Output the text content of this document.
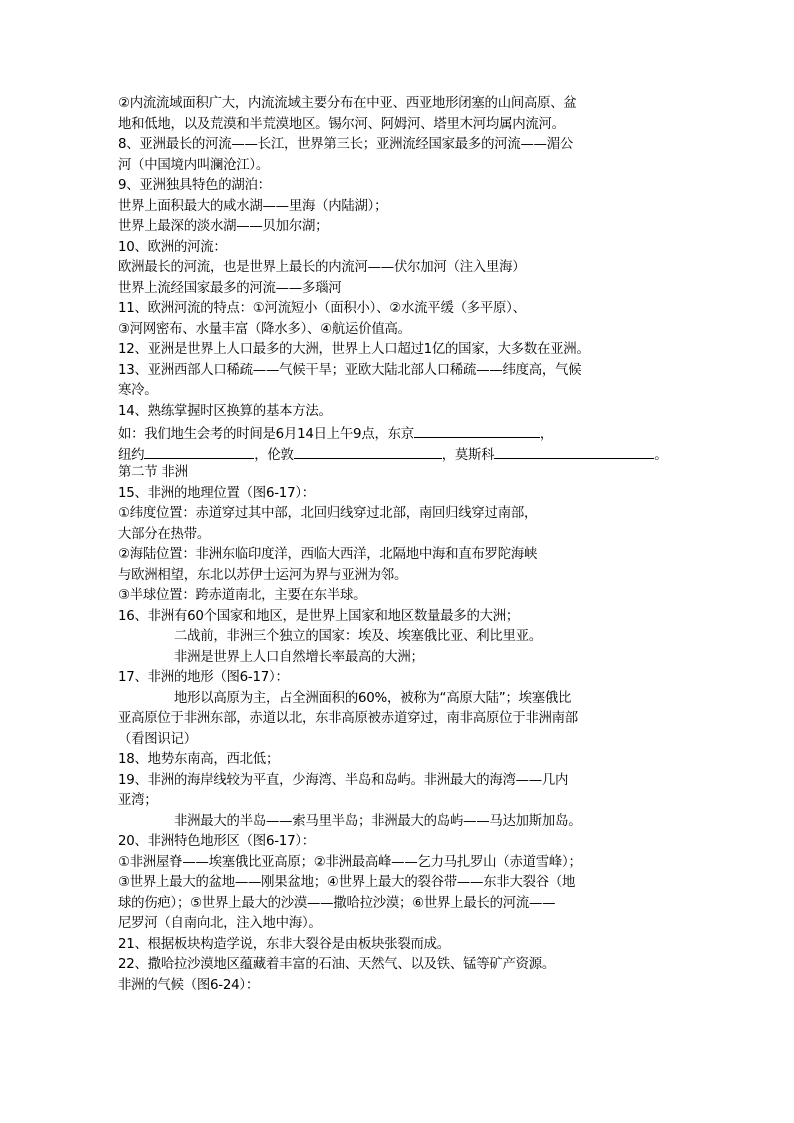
②内流流域面积广大，内流流域主要分布在中亚、西亚地形闭塞的山间高原、盆
地和低地，以及荒漠和半荒漠地区。锡尔河、阿姆河、塔里木河均属内流河。
8、亚洲最长的河流——长江，世界第三长；亚洲流经国家最多的河流——湄公
河（中国境内叫澜沧江）。
9、亚洲独具特色的湖泊：
世界上面积最大的咸水湖——里海（内陆湖）；
世界上最深的淡水湖——贝加尔湖；
10、欧洲的河流：
欧洲最长的河流，也是世界上最长的内流河——伏尔加河（注入里海）
世界上流经国家最多的河流——多瑙河
11、欧洲河流的特点：①河流短小（面积小）、②水流平缓（多平原）、
③河网密布、水量丰富（降水多）、④航运价值高。
12、亚洲是世界上人口最多的大洲，世界上人口超过1亿的国家，大多数在亚洲。
13、亚洲西部人口稀疏——气候干旱；亚欧大陆北部人口稀疏——纬度高，气候
寒冷。
14、熟练掌握时区换算的基本方法。
如：我们地生会考的时间是6月14日上午9点，东京	，
纽约	，伦敦	，莫斯科	。
第二节 非洲
15、非洲的地理位置（图6-17）：
①纬度位置：赤道穿过其中部，北回归线穿过北部，南回归线穿过南部，
大部分在热带。
②海陆位置：非洲东临印度洋，西临大西洋，北隔地中海和直布罗陀海峡
与欧洲相望，东北以苏伊士运河为界与亚洲为邻。
③半球位置：跨赤道南北，主要在东半球。
16、非洲有60个国家和地区，是世界上国家和地区数量最多的大洲；
二战前，非洲三个独立的国家：埃及、埃塞俄比亚、利比里亚。
非洲是世界上人口自然增长率最高的大洲；
17、非洲的地形（图6-17）：
地形以高原为主，占全洲面积的60%，被称为“高原大陆”；埃塞俄比
亚高原位于非洲东部，赤道以北，东非高原被赤道穿过，南非高原位于非洲南部
（看图识记）
18、地势东南高，西北低；
19、非洲的海岸线较为平直，少海湾、半岛和岛屿。非洲最大的海湾——几内
亚湾；
非洲最大的半岛——索马里半岛；非洲最大的岛屿——马达加斯加岛。
20、非洲特色地形区（图6-17）：
①非洲屋脊——埃塞俄比亚高原；②非洲最高峰——乞力马扎罗山（赤道雪峰）；
③世界上最大的盆地——刚果盆地；④世界上最大的裂谷带——东非大裂谷（地
球的伤疤）；⑤世界上最大的沙漠——撒哈拉沙漠；⑥世界上最长的河流——
尼罗河（自南向北，注入地中海）。
21、根据板块构造学说，东非大裂谷是由板块张裂而成。
22、撒哈拉沙漠地区蕴藏着丰富的石油、天然气、以及铁、锰等矿产资源。
非洲的气候（图6-24）：
